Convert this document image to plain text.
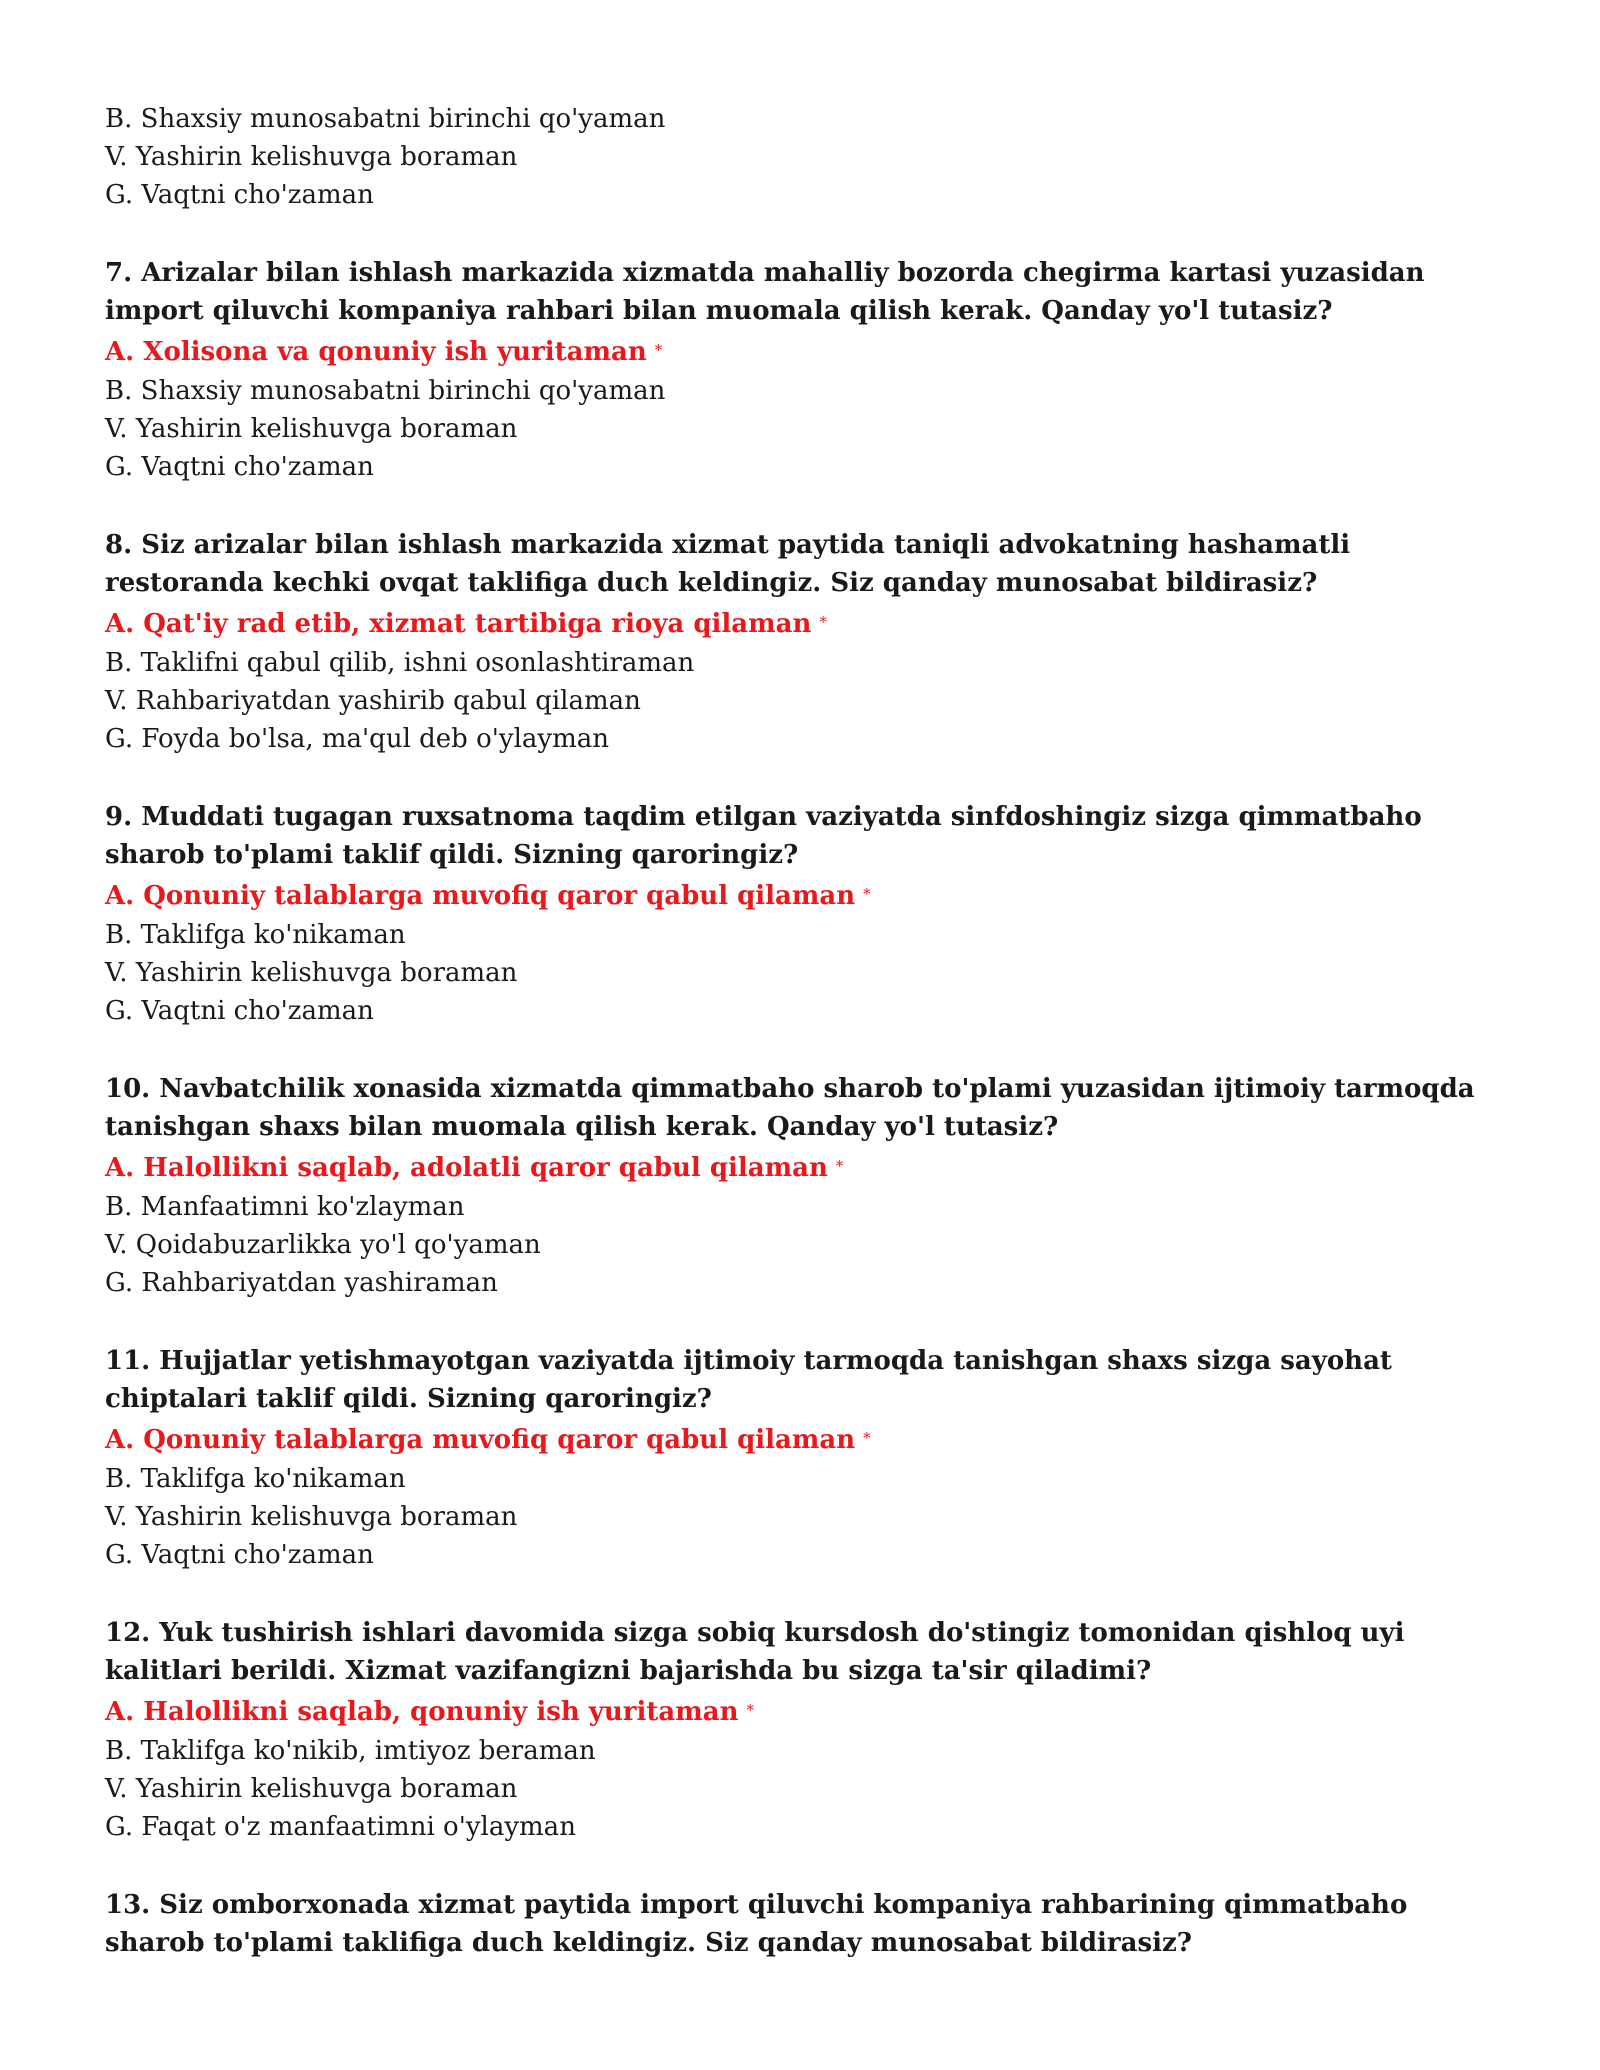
B. Shaxsiy munosabatni birinchi qo'yaman
V. Yashirin kelishuvga boraman
G. Vaqtni cho'zaman
7. Arizalar bilan ishlash markazida xizmatda mahalliy bozorda chegirma kartasi yuzasidan import qiluvchi kompaniya rahbari bilan muomala qilish kerak. Qanday yo'l tutasiz?
A. Xolisona va qonuniy ish yuritaman *
B. Shaxsiy munosabatni birinchi qo'yaman
V. Yashirin kelishuvga boraman
G. Vaqtni cho'zaman
8. Siz arizalar bilan ishlash markazida xizmat paytida taniqli advokatning hashamatli restoranda kechki ovqat taklifiga duch keldingiz. Siz qanday munosabat bildirasiz?
A. Qat'iy rad etib, xizmat tartibiga rioya qilaman *
B. Taklifni qabul qilib, ishni osonlashtiraman
V. Rahbariyatdan yashirib qabul qilaman
G. Foyda bo'lsa, ma'qul deb o'ylayman
9. Muddati tugagan ruxsatnoma taqdim etilgan vaziyatda sinfdoshingiz sizga qimmatbaho sharob to'plami taklif qildi. Sizning qaroringiz?
A. Qonuniy talablarga muvofiq qaror qabul qilaman *
B. Taklifga ko'nikaman
V. Yashirin kelishuvga boraman
G. Vaqtni cho'zaman
10. Navbatchilik xonasida xizmatda qimmatbaho sharob to'plami yuzasidan ijtimoiy tarmoqda tanishgan shaxs bilan muomala qilish kerak. Qanday yo'l tutasiz?
A. Halollikni saqlab, adolatli qaror qabul qilaman *
B. Manfaatimni ko'zlayman
V. Qoidabuzarlikka yo'l qo'yaman
G. Rahbariyatdan yashiraman
11. Hujjatlar yetishmayotgan vaziyatda ijtimoiy tarmoqda tanishgan shaxs sizga sayohat chiptalari taklif qildi. Sizning qaroringiz?
A. Qonuniy talablarga muvofiq qaror qabul qilaman *
B. Taklifga ko'nikaman
V. Yashirin kelishuvga boraman
G. Vaqtni cho'zaman
12. Yuk tushirish ishlari davomida sizga sobiq kursdosh do'stingiz tomonidan qishloq uyi kalitlari berildi. Xizmat vazifangizni bajarishda bu sizga ta'sir qiladimi?
A. Halollikni saqlab, qonuniy ish yuritaman *
B. Taklifga ko'nikib, imtiyoz beraman
V. Yashirin kelishuvga boraman
G. Faqat o'z manfaatimni o'ylayman
13. Siz omborxonada xizmat paytida import qiluvchi kompaniya rahbarining qimmatbaho sharob to'plami taklifiga duch keldingiz. Siz qanday munosabat bildirasiz?
